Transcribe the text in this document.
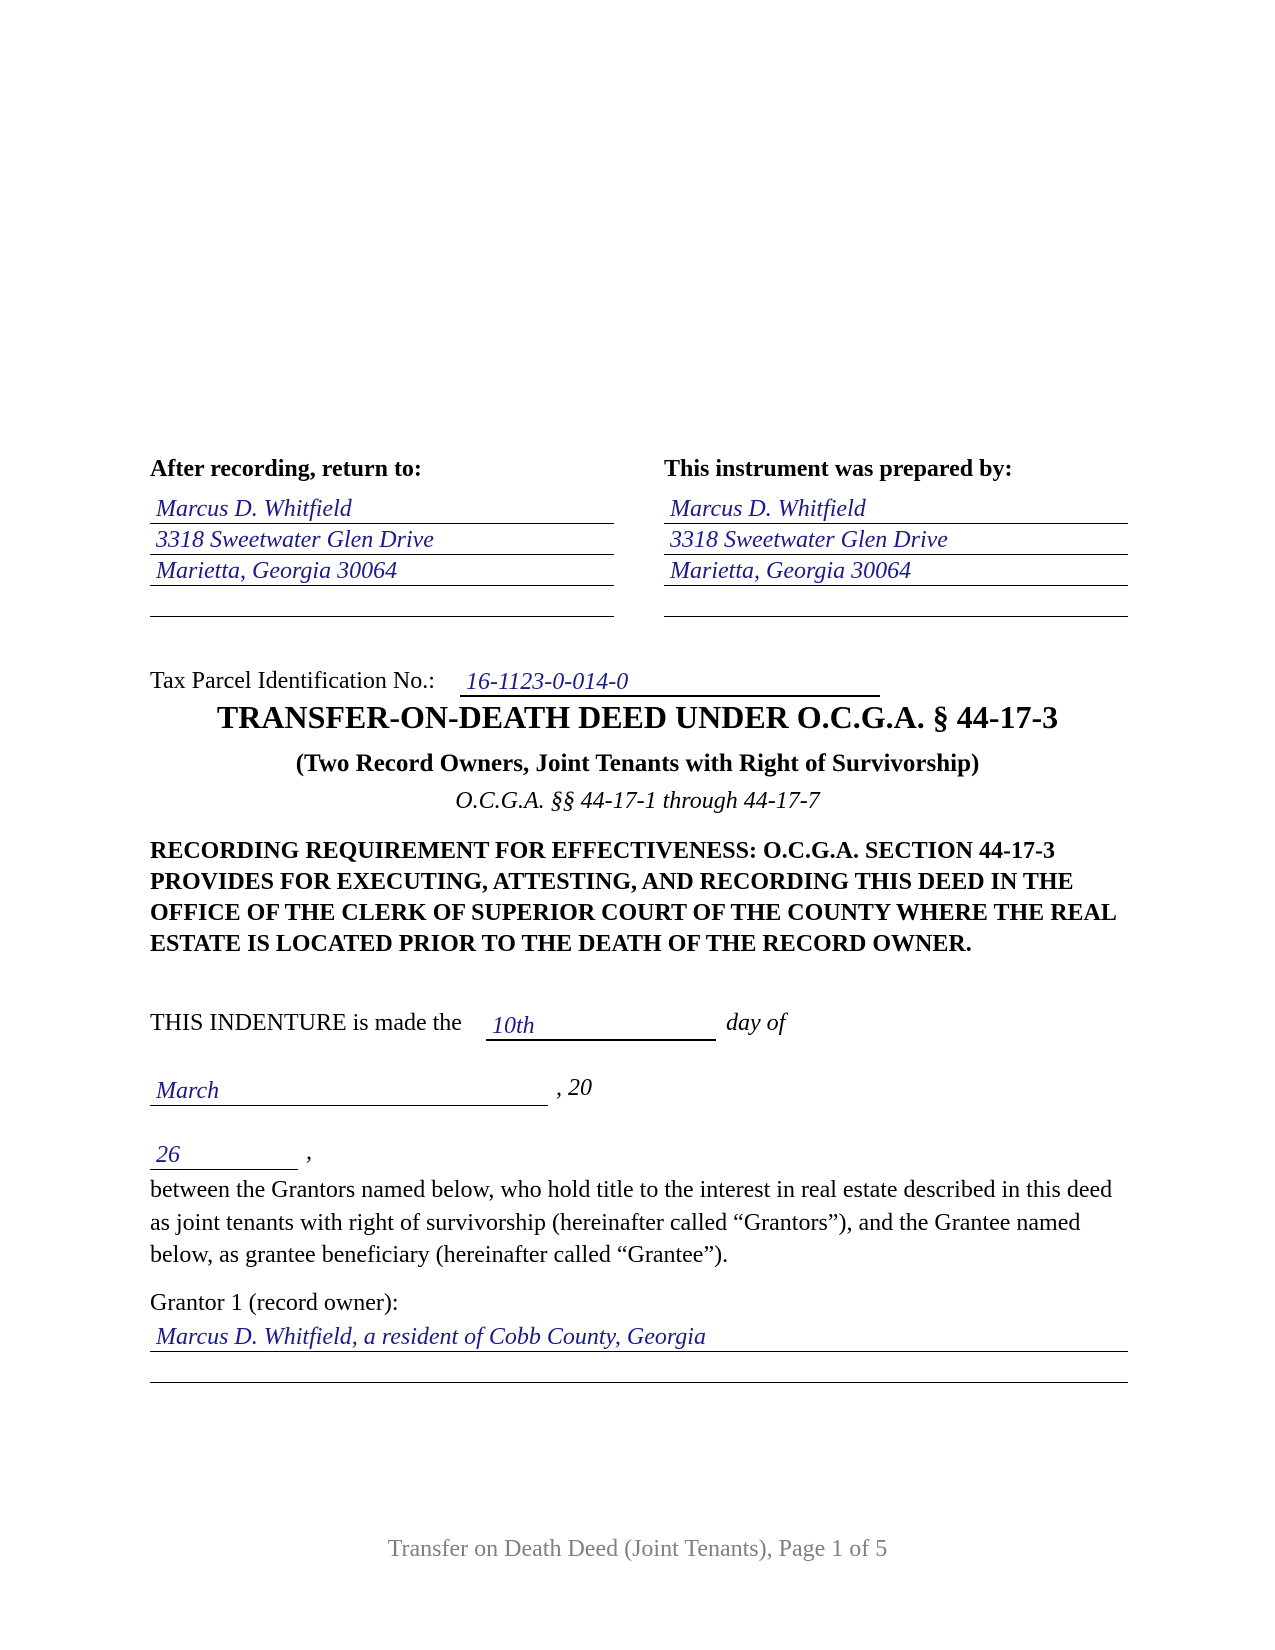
After recording, return to:
Marcus D. Whitfield
3318 Sweetwater Glen Drive
Marietta, Georgia 30064
This instrument was prepared by:
Marcus D. Whitfield
3318 Sweetwater Glen Drive
Marietta, Georgia 30064
Tax Parcel Identification No.: 16-1123-0-014-0
TRANSFER-ON-DEATH DEED UNDER O.C.G.A. § 44-17-3
(Two Record Owners, Joint Tenants with Right of Survivorship)
O.C.G.A. §§ 44-17-1 through 44-17-7
RECORDING REQUIREMENT FOR EFFECTIVENESS: O.C.G.A. SECTION 44-17-3 PROVIDES FOR EXECUTING, ATTESTING, AND RECORDING THIS DEED IN THE OFFICE OF THE CLERK OF SUPERIOR COURT OF THE COUNTY WHERE THE REAL ESTATE IS LOCATED PRIOR TO THE DEATH OF THE RECORD OWNER.
THIS INDENTURE is made the 10th	day of
March	, 20
26	,
between the Grantors named below, who hold title to the interest in real estate described in this deed as joint tenants with right of survivorship (hereinafter called “Grantors”), and the Grantee named below, as grantee beneficiary (hereinafter called “Grantee”).
Grantor 1 (record owner):
Marcus D. Whitfield, a resident of Cobb County, Georgia
Transfer on Death Deed (Joint Tenants), Page 1 of 5
